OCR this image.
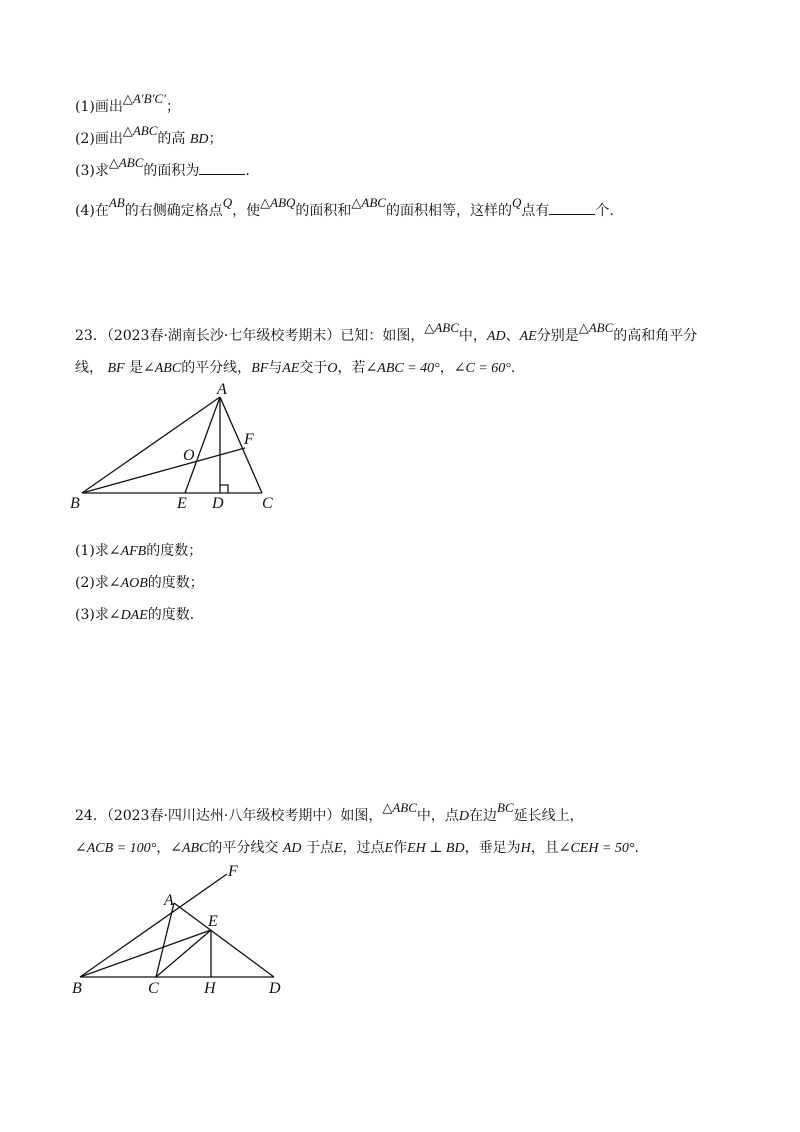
(1)画出△A′B′C′；
(2)画出△ABC的高 BD；
(3)求△ABC的面积为	.
(4)在AB的右侧确定格点Q，使△ABQ的面积和△ABC的面积相等，这样的Q点有	个.
23．（2023春·湖南长沙·七年级校考期末）已知：如图，△ABC中，AD、AE分别是△ABC的高和角平分
线， BF 是∠ABC的平分线，BF与AE交于O，若∠ABC = 40°，∠C = 60°.
A
B	C
D
E
F
O
(1)求∠AFB的度数；
(2)求∠AOB的度数；
(3)求∠DAE的度数.
24．（2023春·四川达州·八年级校考期中）如图，△ABC中，点D在边BC延长线上，
∠ACB = 100°，∠ABC的平分线交 AD 于点E，过点E作EH ⊥ BD，垂足为H，且∠CEH = 50°.
F
A
E
B	C	H	D
